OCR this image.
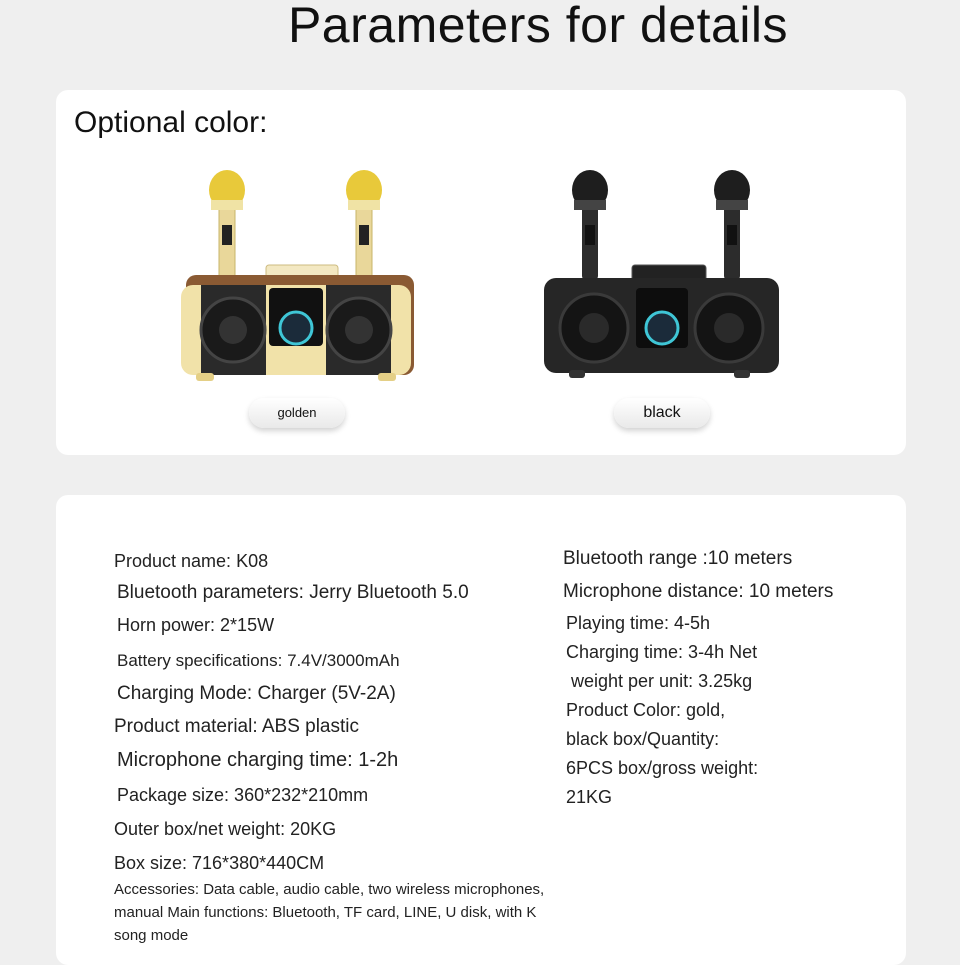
Parameters for details
Optional color:
golden	black
Product name: K08
Bluetooth parameters: Jerry Bluetooth 5.0
Horn power: 2*15W
Battery specifications: 7.4V/3000mAh
Charging Mode: Charger (5V-2A)
Product material: ABS plastic
Microphone charging time: 1-2h
Package size: 360*232*210mm
Outer box/net weight: 20KG
Box size: 716*380*440CM
Accessories: Data cable, audio cable, two wireless microphones,
manual Main functions: Bluetooth, TF card, LINE, U disk, with K
song mode
Bluetooth range :10 meters
Microphone distance: 10 meters
Playing time: 4-5h
Charging time: 3-4h Net
weight per unit: 3.25kg
Product Color: gold,
black box/Quantity:
6PCS box/gross weight:
21KG
